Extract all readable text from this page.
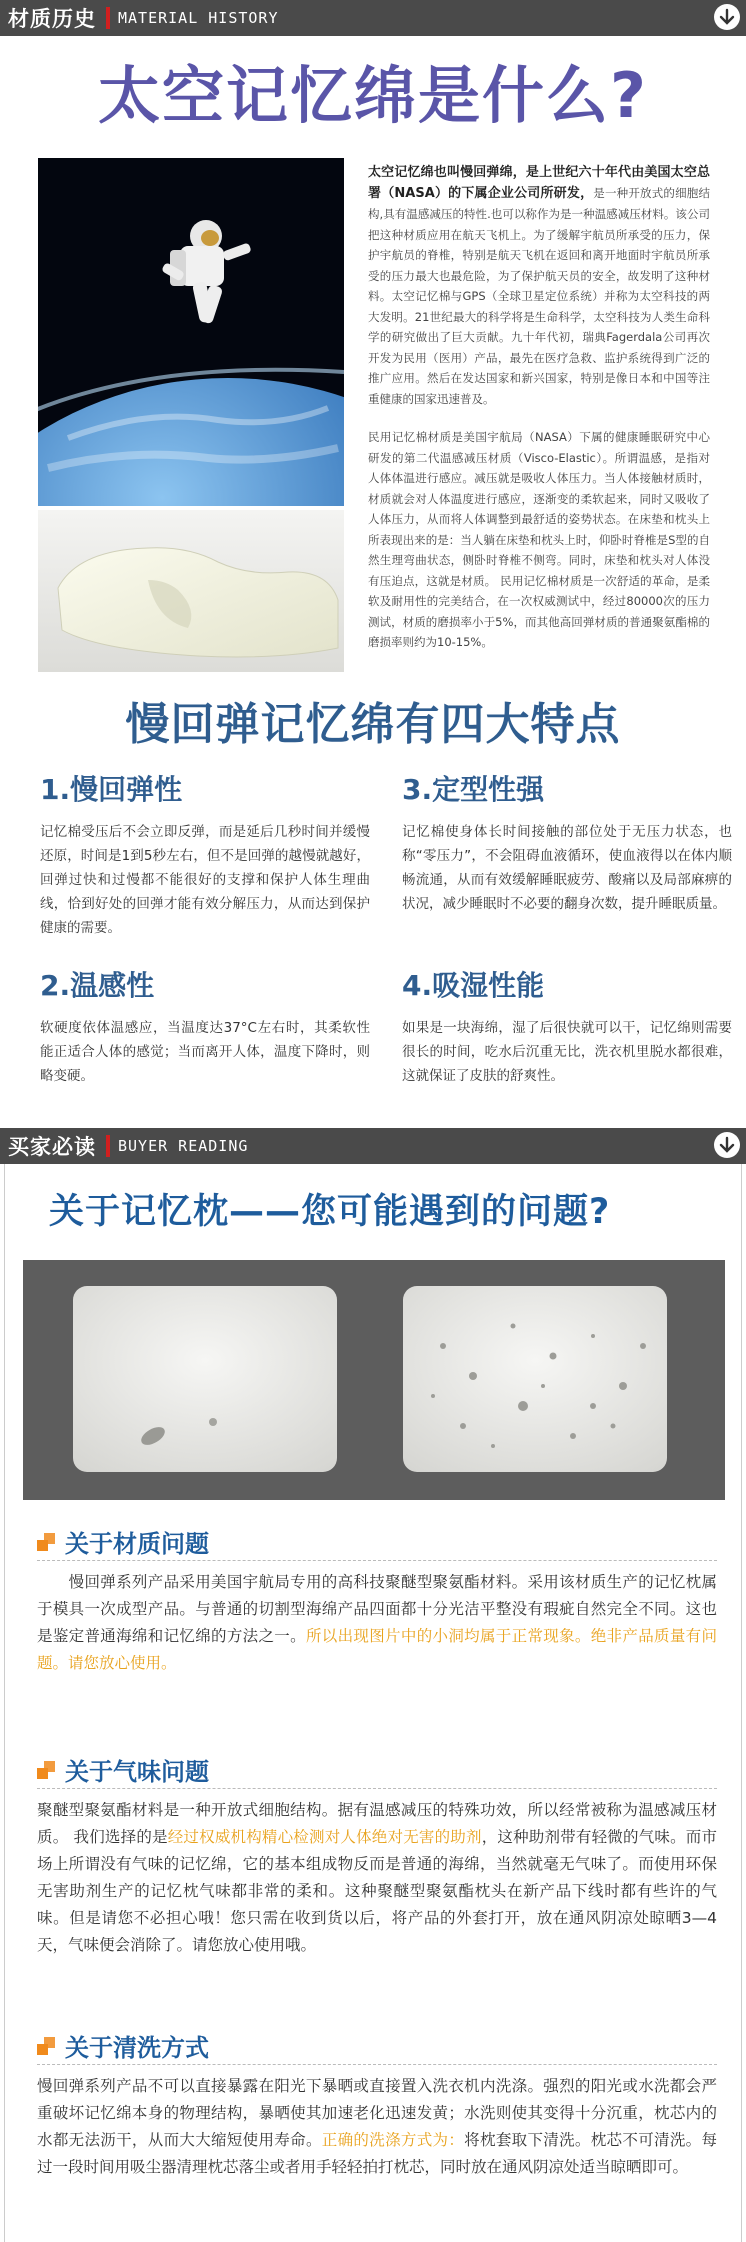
材质历史 MATERIAL HISTORY
太空记忆绵是什么?

太空记忆绵也叫慢回弹绵，是上世纪六十年代由美国太空总署（NASA）的下属企业公司所研发，是一种开放式的细胞结构,具有温感减压的特性.也可以称作为是一种温感减压材料。该公司把这种材质应用在航天飞机上。为了缓解宇航员所承受的压力，保护宇航员的脊椎，特别是航天飞机在返回和离开地面时宇航员所承受的压力最大也最危险，为了保护航天员的安全，故发明了这种材料。太空记忆棉与GPS（全球卫星定位系统）并称为太空科技的两大发明。21世纪最大的科学将是生命科学，太空科技为人类生命科学的研究做出了巨大贡献。九十年代初，瑞典Fagerdala公司再次开发为民用（医用）产品，最先在医疗急救、监护系统得到广泛的推广应用。然后在发达国家和新兴国家，特别是像日本和中国等注重健康的国家迅速普及。

民用记忆棉材质是美国宇航局（NASA）下属的健康睡眠研究中心研发的第二代温感减压材质（Visco-Elastic）。所谓温感，是指对人体体温进行感应。减压就是吸收人体压力。当人体接触材质时，材质就会对人体温度进行感应，逐渐变的柔软起来，同时又吸收了人体压力，从而将人体调整到最舒适的姿势状态。在床垫和枕头上所表现出来的是：当人躺在床垫和枕头上时，仰卧时脊椎是S型的自然生理弯曲状态，侧卧时脊椎不侧弯。同时，床垫和枕头对人体没有压迫点，这就是材质。 民用记忆棉材质是一次舒适的革命，是柔软及耐用性的完美结合，在一次权威测试中，经过80000次的压力测试，材质的磨损率小于5%，而其他高回弹材质的普通聚氨酯棉的磨损率则约为10-15%。

慢回弹记忆绵有四大特点
1.慢回弹性
记忆棉受压后不会立即反弹，而是延后几秒时间并缓慢还原，时间是1到5秒左右，但不是回弹的越慢就越好，回弹过快和过慢都不能很好的支撑和保护人体生理曲线，恰到好处的回弹才能有效分解压力，从而达到保护健康的需要。
3.定型性强
记忆棉使身体长时间接触的部位处于无压力状态，也称“零压力”，不会阻碍血液循环，使血液得以在体内顺畅流通，从而有效缓解睡眠疲劳、酸痛以及局部麻痹的状况，减少睡眠时不必要的翻身次数，提升睡眠质量。
2.温感性
软硬度依体温感应，当温度达37°C左右时，其柔软性能正适合人体的感觉；当而离开人体，温度下降时，则略变硬。
4.吸湿性能
如果是一块海绵，湿了后很快就可以干，记忆绵则需要很长的时间，吃水后沉重无比，洗衣机里脱水都很难，这就保证了皮肤的舒爽性。
买家必读 BUYER READING
关于记忆枕——您可能遇到的问题?
关于材质问题
　　慢回弹系列产品采用美国宇航局专用的高科技聚醚型聚氨酯材料。采用该材质生产的记忆枕属于模具一次成型产品。与普通的切割型海绵产品四面都十分光洁平整没有瑕疵自然完全不同。这也是鉴定普通海绵和记忆绵的方法之一。所以出现图片中的小洞均属于正常现象。绝非产品质量有问题。请您放心使用。
关于气味问题
聚醚型聚氨酯材料是一种开放式细胞结构。据有温感减压的特殊功效，所以经常被称为温感减压材质。 我们选择的是经过权威机构精心检测对人体绝对无害的助剂，这种助剂带有轻微的气味。而市场上所谓没有气味的记忆绵，它的基本组成物反而是普通的海绵，当然就毫无气味了。而使用环保无害助剂生产的记忆枕气味都非常的柔和。这种聚醚型聚氨酯枕头在新产品下线时都有些许的气味。但是请您不必担心哦！您只需在收到货以后，将产品的外套打开，放在通风阴凉处晾晒3—4天，气味便会消除了。请您放心使用哦。
关于清洗方式
慢回弹系列产品不可以直接暴露在阳光下暴晒或直接置入洗衣机内洗涤。强烈的阳光或水洗都会严重破坏记忆绵本身的物理结构，暴晒使其加速老化迅速发黄；水洗则使其变得十分沉重，枕芯内的水都无法沥干，从而大大缩短使用寿命。正确的洗涤方式为：将枕套取下清洗。枕芯不可清洗。每过一段时间用吸尘器清理枕芯落尘或者用手轻轻拍打枕芯，同时放在通风阴凉处适当晾晒即可。
